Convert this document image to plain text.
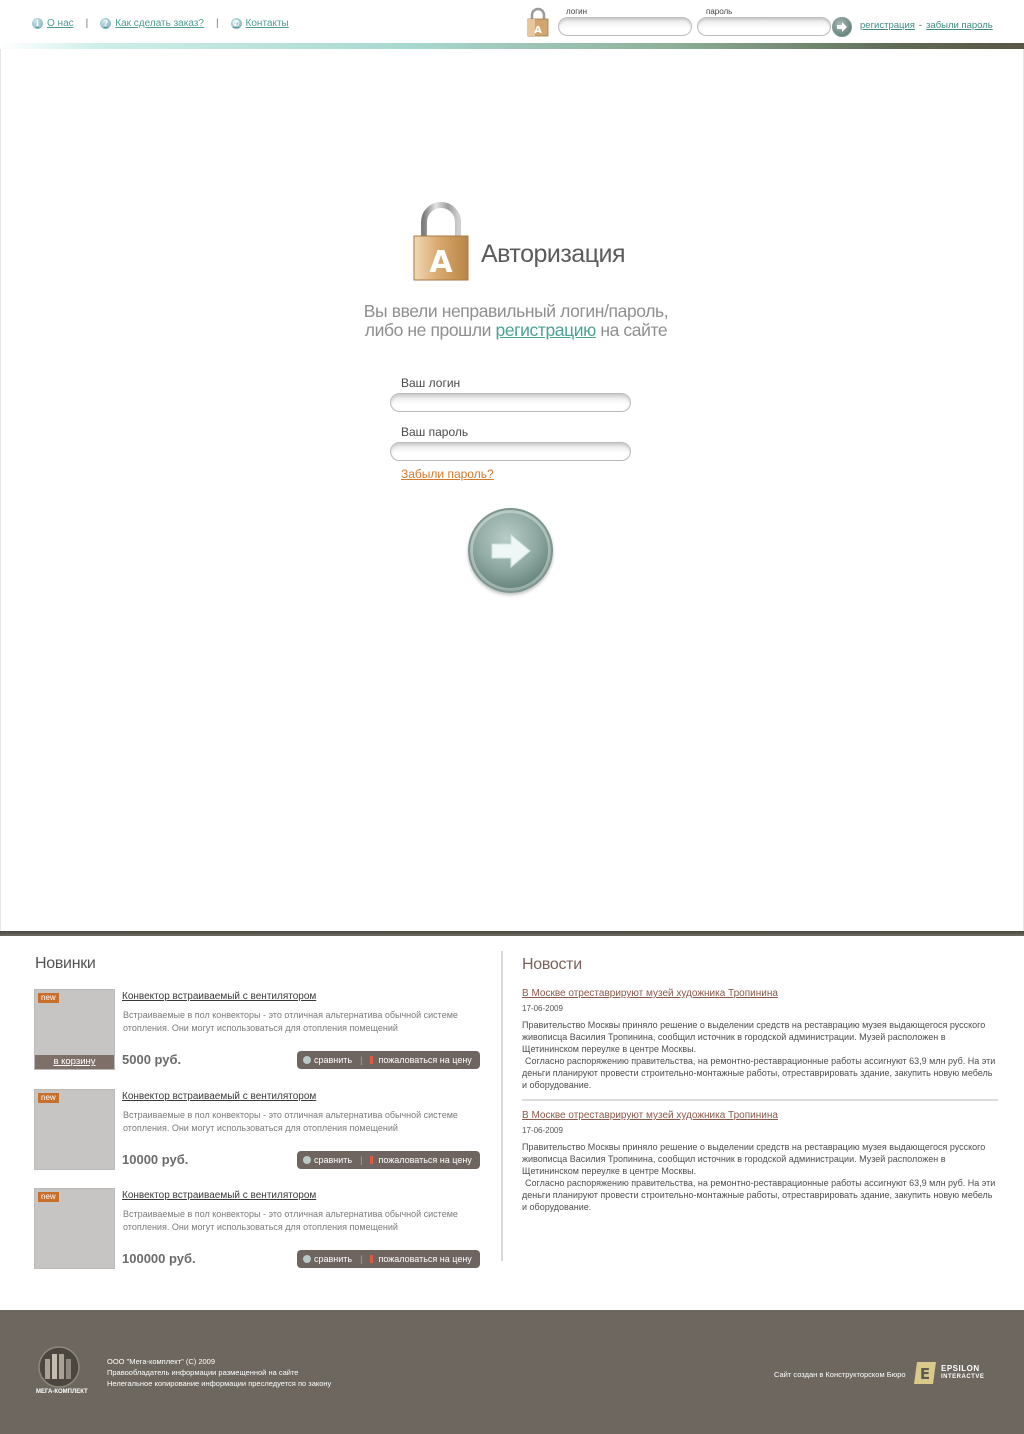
i О нас |	? Как сделать заказ? | ✆ Контакты
A
логин	пароль
регистрация - забыли пароль
A Авторизация
Вы ввели неправильный логин/пароль,
либо не прошли регистрацию на сайте
Ваш логин
Ваш пароль
Забыли пароль?
Новинки
new
в корзину
Конвектор встраиваемый с вентилятором
Встраиваемые в пол конвекторы - это отличная альтернатива обычной системе отопления. Они могут использоваться для отопления помещений
5000 руб.	сравнить | пожаловаться на цену
new	Конвектор встраиваемый с вентилятором
Встраиваемые в пол конвекторы - это отличная альтернатива обычной системе отопления. Они могут использоваться для отопления помещений
10000 руб.	сравнить | пожаловаться на цену
new	Конвектор встраиваемый с вентилятором
Встраиваемые в пол конвекторы - это отличная альтернатива обычной системе отопления. Они могут использоваться для отопления помещений
100000 руб.	сравнить | пожаловаться на цену
Новости
В Москве отреставрируют музей художника Тропинина
17-06-2009
Правительство Москвы приняло решение о выделении средств на реставрацию музея выдающегося русского живописца Василия Тропинина, сообщил источник в городской администрации. Музей расположен в Щетининском переулке в центре Москвы.
Согласно распоряжению правительства, на ремонтно-реставрационные работы ассигнуют 63,9 млн руб. На эти деньги планируют провести строительно-монтажные работы, отреставрировать здание, закупить новую мебель и оборудование.
В Москве отреставрируют музей художника Тропинина
17-06-2009
Правительство Москвы приняло решение о выделении средств на реставрацию музея выдающегося русского живописца Василия Тропинина, сообщил источник в городской администрации. Музей расположен в Щетининском переулке в центре Москвы.
Согласно распоряжению правительства, на ремонтно-реставрационные работы ассигнуют 63,9 млн руб. На эти деньги планируют провести строительно-монтажные работы, отреставрировать здание, закупить новую мебель и оборудование.
МЕГА-КОМПЛЕКТ
ООО "Мега-комплект" (С) 2009
Правообладатель информации размещенной на сайте
Нелегальное копирование информации преследуется по закону
Сайт создан в Конструкторском Бюро E EPSILON
INTERACTVE
